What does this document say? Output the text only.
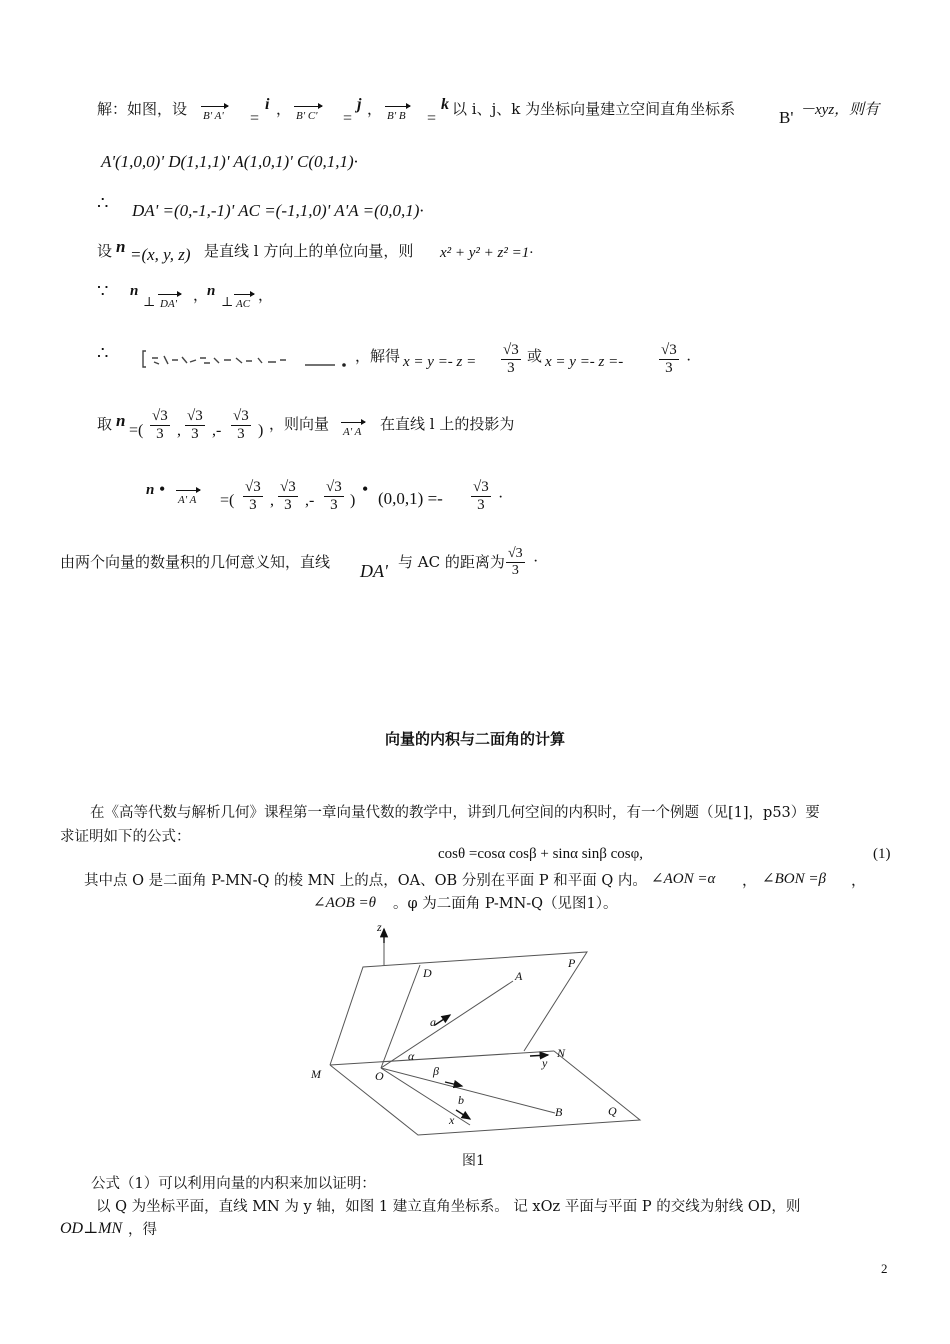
解：如图，设 B' A' =
i ， B' C' =
j ， B' B =
k 以 i、j、k 为坐标向量建立空间直角坐标系	B' －xyz，则有
A'(1,0,0)' D(1,1,1)' A(1,0,1)' C(0,1,1)·
∴ DA' =(0,-1,-1)' AC =(-1,1,0)' A'A =(0,0,1)·
设 n =(x, y, z) 是直线 l 方向上的单位向量，则 x² + y² + z² =1·
∵ n
⊥ DA' ，
n
⊥ AC ，
∴	，解得 $x = y =- z = \frac{√3}{3}$ 或 $x = y =- z =- \frac{√3}{3}$ ·
取 n
=( $\frac{√3}{3}$ , $\frac{√3}{3}$ ,- $\frac{√3}{3}$ ) ，则向量 A' A 在直线 l 上的投影为
n •
A' A =( $\frac{√3}{3}$ , $\frac{√3}{3}$ ,- $\frac{√3}{3}$ )
• $(0,0,1) =- \frac{√3}{3}$ ·
由两个向量的数量积的几何意义知，直线 DA' 与 AC 的距离为 $\frac{√3}{3}$ ·
向量的内积与二面角的计算
在《高等代数与解析几何》课程第一章向量代数的教学中，讲到几何空间的内积时，有一个例题（见[1]，p53）要
求证明如下的公式：
cosθ =cosα cosβ + sinα sinβ cosφ,	(1)
其中点 O 是二面角 P-MN-Q 的棱 MN 上的点，OA、OB 分别在平面 P 和平面 Q 内。 ∠AON =α ， ∠BON =β ，
∠AOB =θ 。φ 为二面角 P-MN-Q（见图1）。
z
D	A
P
a
α	N
y
M	O	β
b
x
B	Q
图1
公式（1）可以利用向量的内积来加以证明：
以 Q 为坐标平面，直线 MN 为 y 轴，如图 1 建立直角坐标系。 记 xOz 平面与平面 P 的交线为射线 OD，则
OD⊥MN ，得
2
